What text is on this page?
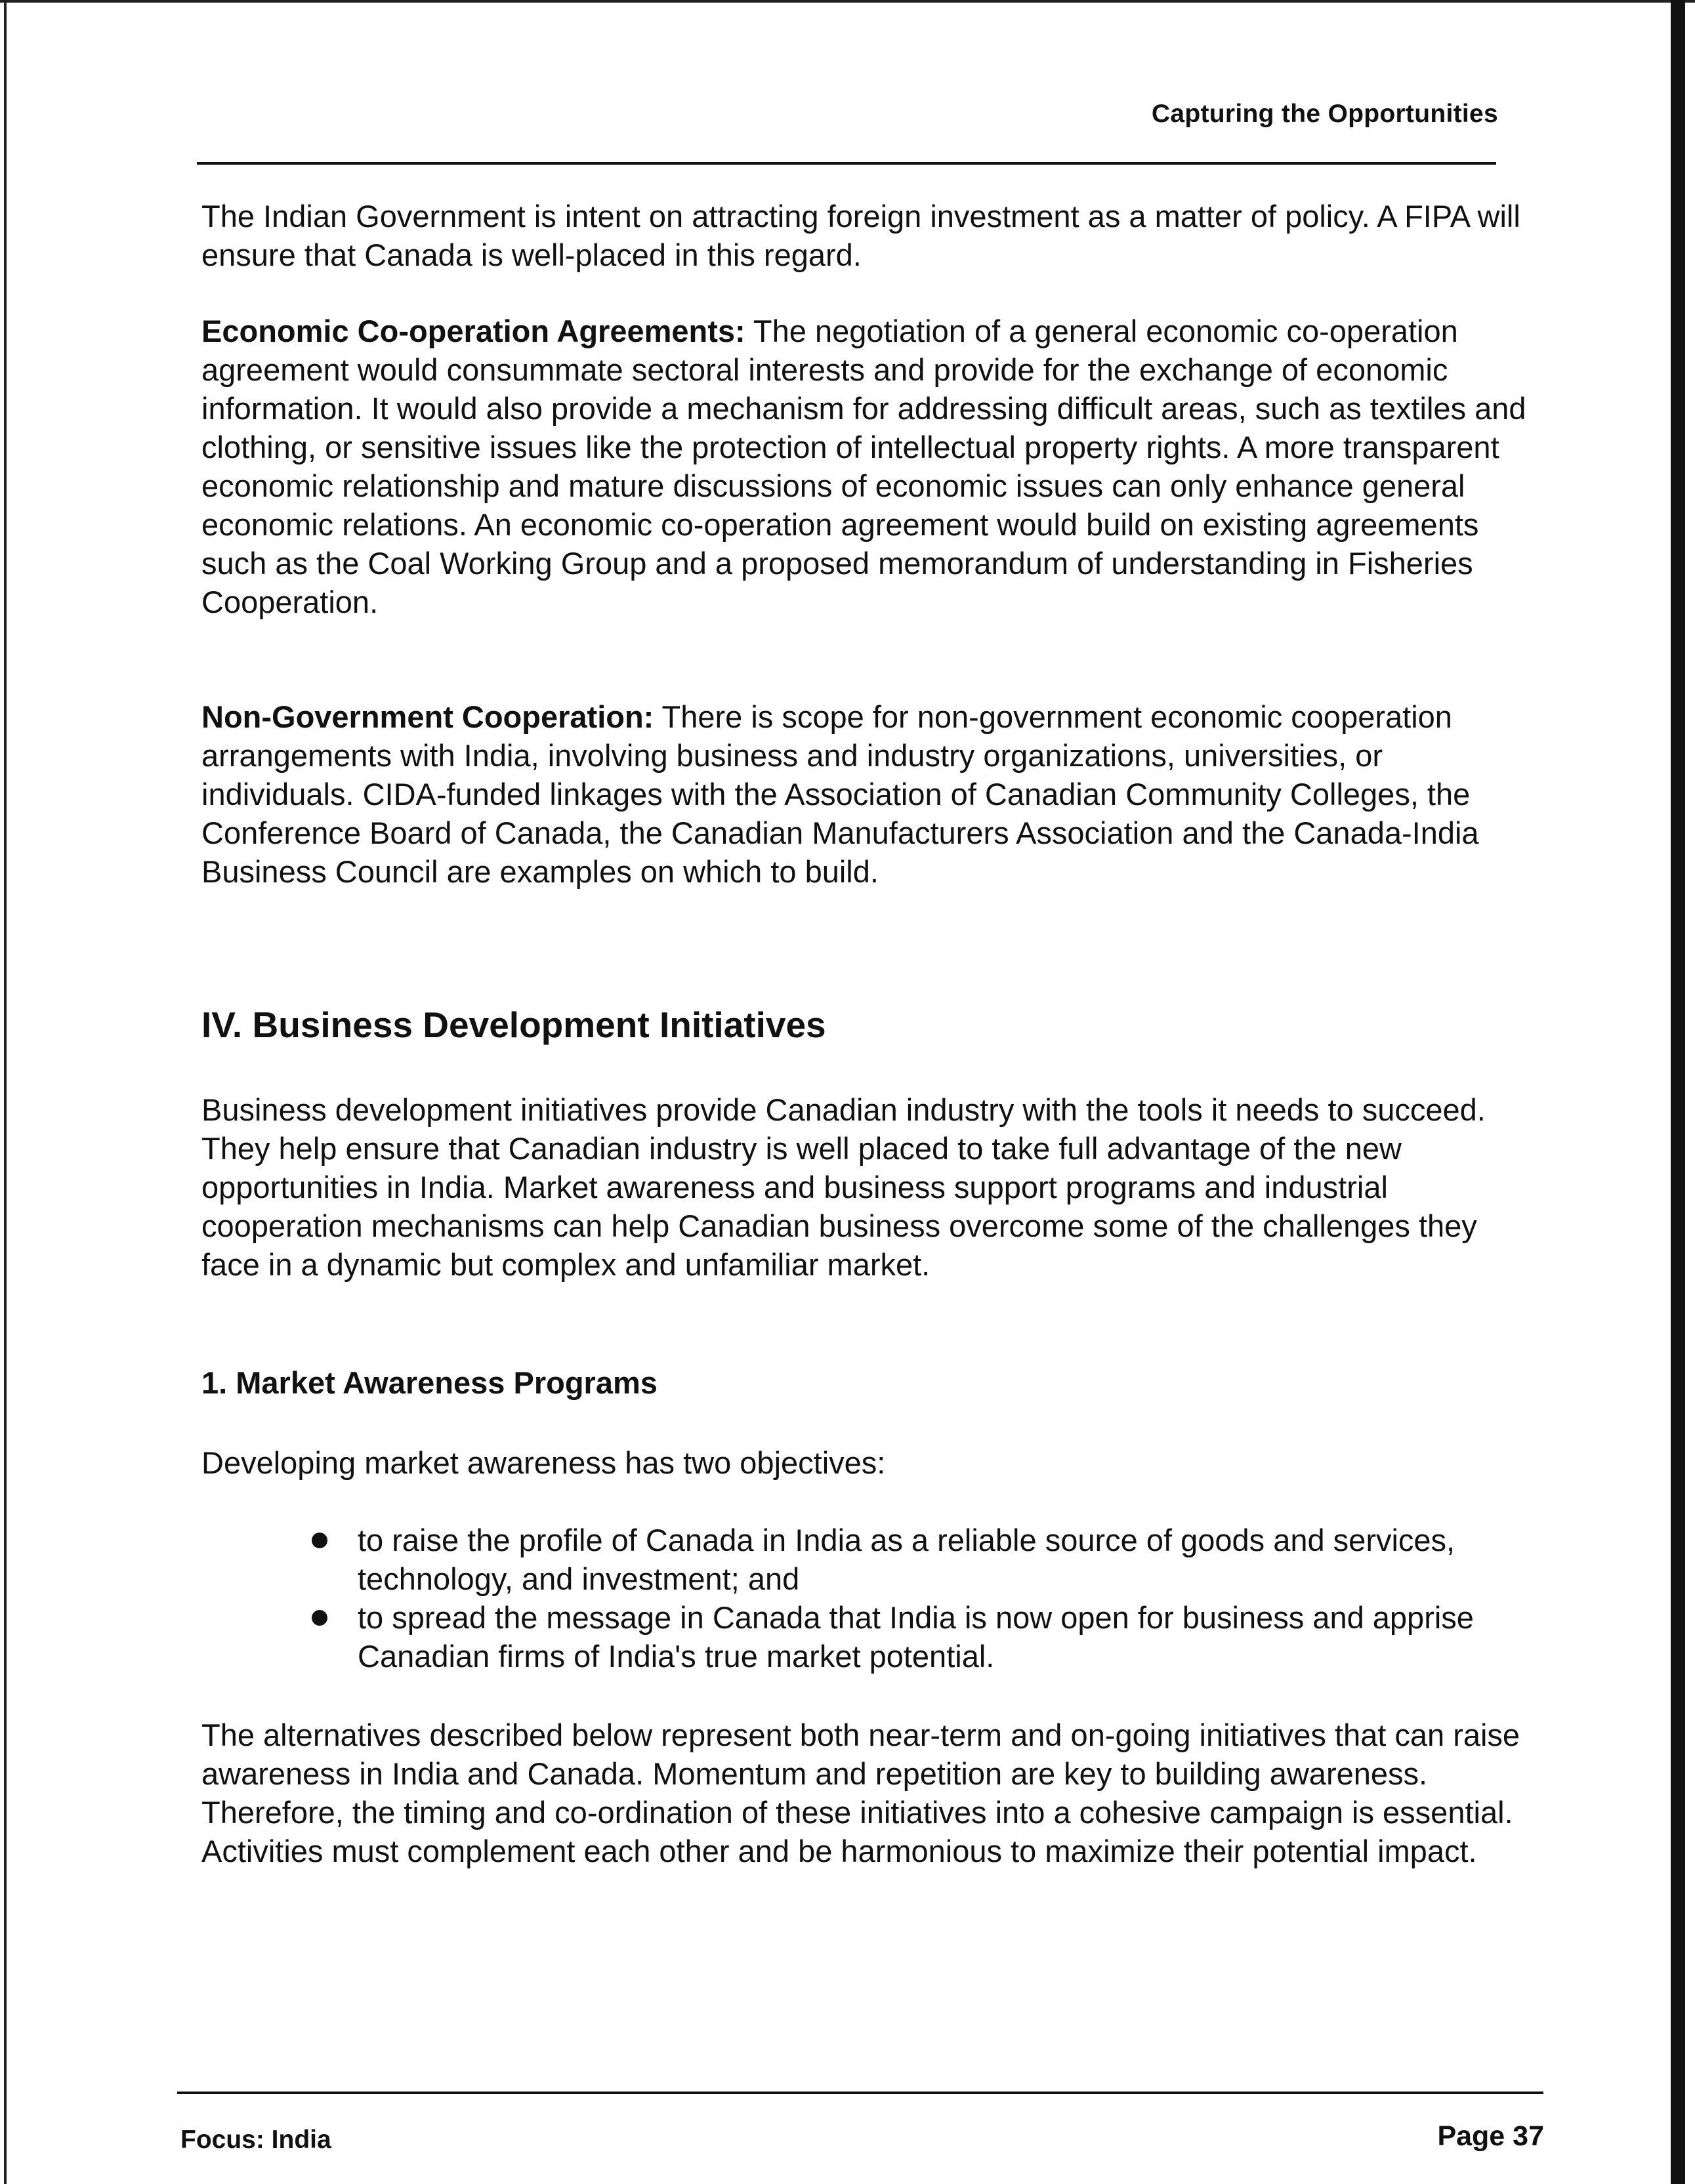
Capturing the Opportunities

The Indian Government is intent on attracting foreign investment as a matter of policy. A FIPA will ensure that Canada is well-placed in this regard.

Economic Co-operation Agreements: The negotiation of a general economic co-operation agreement would consummate sectoral interests and provide for the exchange of economic information. It would also provide a mechanism for addressing difficult areas, such as textiles and clothing, or sensitive issues like the protection of intellectual property rights. A more transparent economic relationship and mature discussions of economic issues can only enhance general economic relations. An economic co-operation agreement would build on existing agreements such as the Coal Working Group and a proposed memorandum of understanding in Fisheries Cooperation.

Non-Government Cooperation: There is scope for non-government economic cooperation arrangements with India, involving business and industry organizations, universities, or individuals. CIDA-funded linkages with the Association of Canadian Community Colleges, the Conference Board of Canada, the Canadian Manufacturers Association and the Canada-India Business Council are examples on which to build.

IV. Business Development Initiatives

Business development initiatives provide Canadian industry with the tools it needs to succeed. They help ensure that Canadian industry is well placed to take full advantage of the new opportunities in India. Market awareness and business support programs and industrial cooperation mechanisms can help Canadian business overcome some of the challenges they face in a dynamic but complex and unfamiliar market.

1. Market Awareness Programs

Developing market awareness has two objectives:

to raise the profile of Canada in India as a reliable source of goods and services, technology, and investment; and
to spread the message in Canada that India is now open for business and apprise Canadian firms of India's true market potential.

The alternatives described below represent both near-term and on-going initiatives that can raise awareness in India and Canada. Momentum and repetition are key to building awareness. Therefore, the timing and co-ordination of these initiatives into a cohesive campaign is essential. Activities must complement each other and be harmonious to maximize their potential impact.

Focus: India	Page 37
